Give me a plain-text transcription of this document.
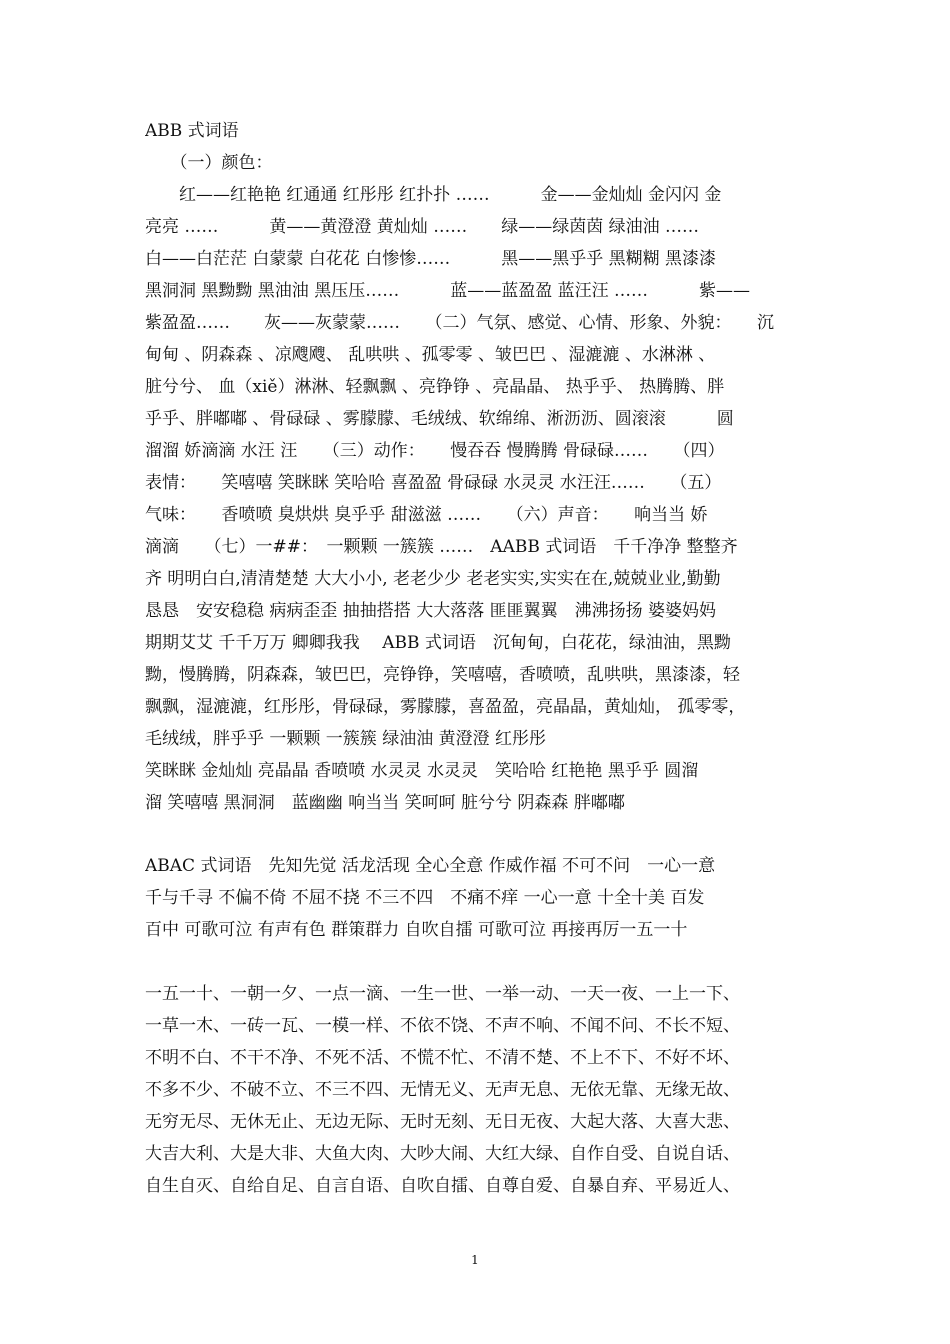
ABB 式词语
　　（一）颜色：
　　红——红艳艳 红通通 红彤彤 红扑扑 ……　　　金——金灿灿 金闪闪 金
亮亮 ……　　　黄——黄澄澄 黄灿灿 ……　　绿——绿茵茵 绿油油 ……
白——白茫茫 白蒙蒙 白花花 白惨惨……　　　黑——黑乎乎 黑糊糊 黑漆漆
黑洞洞 黑黝黝 黑油油 黑压压……　　　蓝——蓝盈盈 蓝汪汪 ……　　　紫——
紫盈盈……　　灰——灰蒙蒙……　　（二）气氛、感觉、心情、形象、外貌：　　沉
甸甸 、阴森森 、凉飕飕、 乱哄哄 、孤零零 、皱巴巴 、湿漉漉 、水淋淋 、
脏兮兮、 血（xiě）淋淋、轻飘飘 、亮铮铮 、亮晶晶、 热乎乎、 热腾腾、胖
乎乎、胖嘟嘟 、骨碌碌 、雾朦朦、毛绒绒、软绵绵、淅沥沥、圆滚滚　　　圆
溜溜 娇滴滴 水汪 汪　　（三）动作：　　慢吞吞 慢腾腾 骨碌碌……　　（四）
表情：　　笑嘻嘻 笑眯眯 笑哈哈 喜盈盈 骨碌碌 水灵灵 水汪汪……　　（五）
气味：　　香喷喷 臭烘烘 臭乎乎 甜滋滋 ……　　（六）声音：　　响当当 娇
滴滴　　（七）一##：　一颗颗 一簇簇 ……　AABB 式词语　千千净净 整整齐
齐 明明白白,清清楚楚 大大小小, 老老少少 老老实实,实实在在,兢兢业业,勤勤
恳恳　安安稳稳 病病歪歪 抽抽搭搭 大大落落 匪匪翼翼　沸沸扬扬 婆婆妈妈
期期艾艾 千千万万 卿卿我我　 ABB 式词语　沉甸甸，白花花，绿油油，黑黝
黝，慢腾腾，阴森森，皱巴巴，亮铮铮，笑嘻嘻，香喷喷，乱哄哄，黑漆漆，轻
飘飘，湿漉漉，红彤彤，骨碌碌，雾朦朦，喜盈盈，亮晶晶，黄灿灿， 孤零零，
毛绒绒，胖乎乎 一颗颗 一簇簇 绿油油 黄澄澄 红彤彤
笑眯眯 金灿灿 亮晶晶 香喷喷 水灵灵 水灵灵　笑哈哈 红艳艳 黑乎乎 圆溜
溜 笑嘻嘻 黑洞洞　蓝幽幽 响当当 笑呵呵 脏兮兮 阴森森 胖嘟嘟
ABAC 式词语　先知先觉 活龙活现 全心全意 作威作福 不可不问　一心一意
千与千寻 不偏不倚 不屈不挠 不三不四　不痛不痒 一心一意 十全十美 百发
百中 可歌可泣 有声有色 群策群力 自吹自擂 可歌可泣 再接再厉一五一十
一五一十、一朝一夕、一点一滴、一生一世、一举一动、一天一夜、一上一下、
一草一木、一砖一瓦、一模一样、不依不饶、不声不响、不闻不问、不长不短、
不明不白、不干不净、不死不活、不慌不忙、不清不楚、不上不下、不好不坏、
不多不少、不破不立、不三不四、无情无义、无声无息、无依无靠、无缘无故、
无穷无尽、无休无止、无边无际、无时无刻、无日无夜、大起大落、大喜大悲、
大吉大利、大是大非、大鱼大肉、大吵大闹、大红大绿、自作自受、自说自话、
自生自灭、自给自足、自言自语、自吹自擂、自尊自爱、自暴自弃、平易近人、
1
